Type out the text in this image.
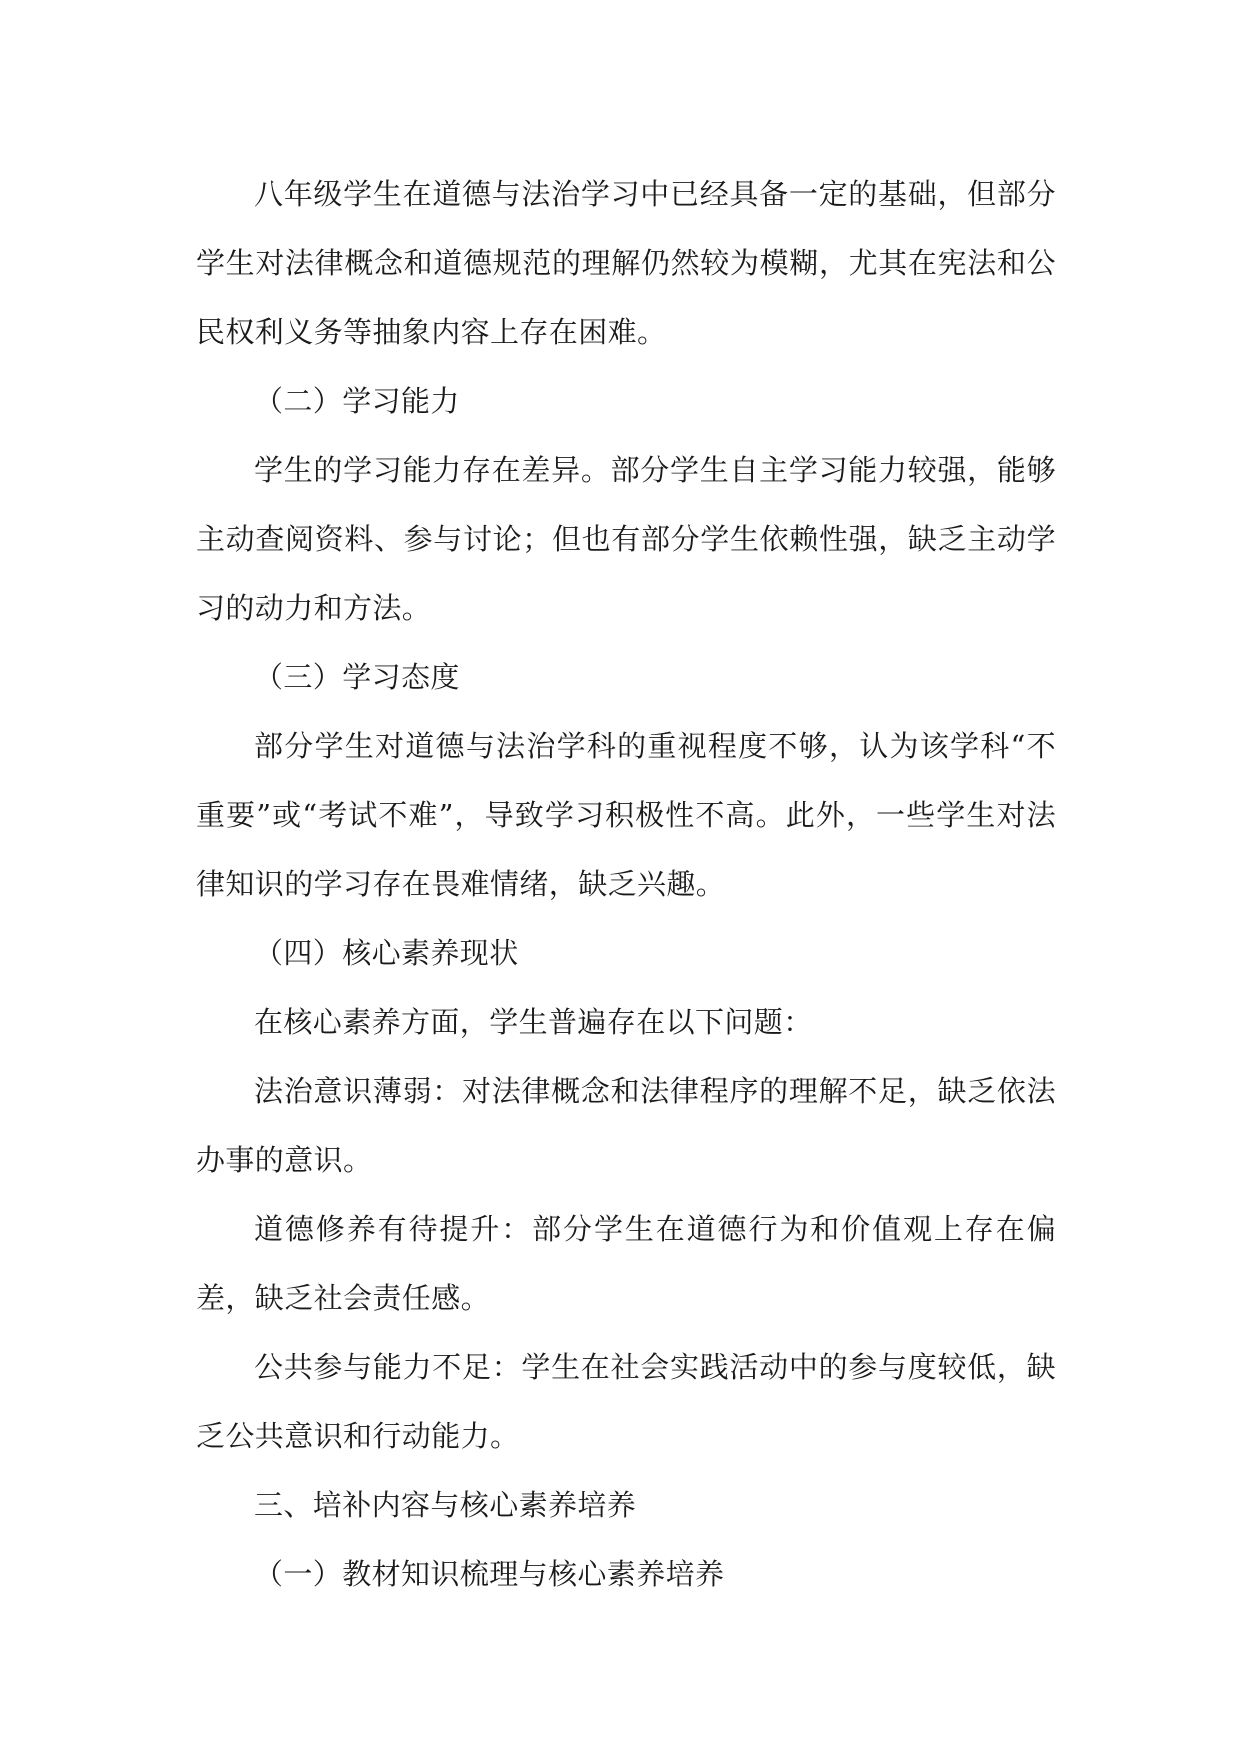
八年级学生在道德与法治学习中已经具备一定的基础，但部分学生对法律概念和道德规范的理解仍然较为模糊，尤其在宪法和公民权利义务等抽象内容上存在困难。

（二）学习能力

学生的学习能力存在差异。部分学生自主学习能力较强，能够主动查阅资料、参与讨论；但也有部分学生依赖性强，缺乏主动学习的动力和方法。

（三）学习态度

部分学生对道德与法治学科的重视程度不够，认为该学科“不重要”或“考试不难”，导致学习积极性不高。此外，一些学生对法律知识的学习存在畏难情绪，缺乏兴趣。

（四）核心素养现状

在核心素养方面，学生普遍存在以下问题：

法治意识薄弱：对法律概念和法律程序的理解不足，缺乏依法办事的意识。

道德修养有待提升：部分学生在道德行为和价值观上存在偏差，缺乏社会责任感。

公共参与能力不足：学生在社会实践活动中的参与度较低，缺乏公共意识和行动能力。

三、培补内容与核心素养培养

（一）教材知识梳理与核心素养培养
